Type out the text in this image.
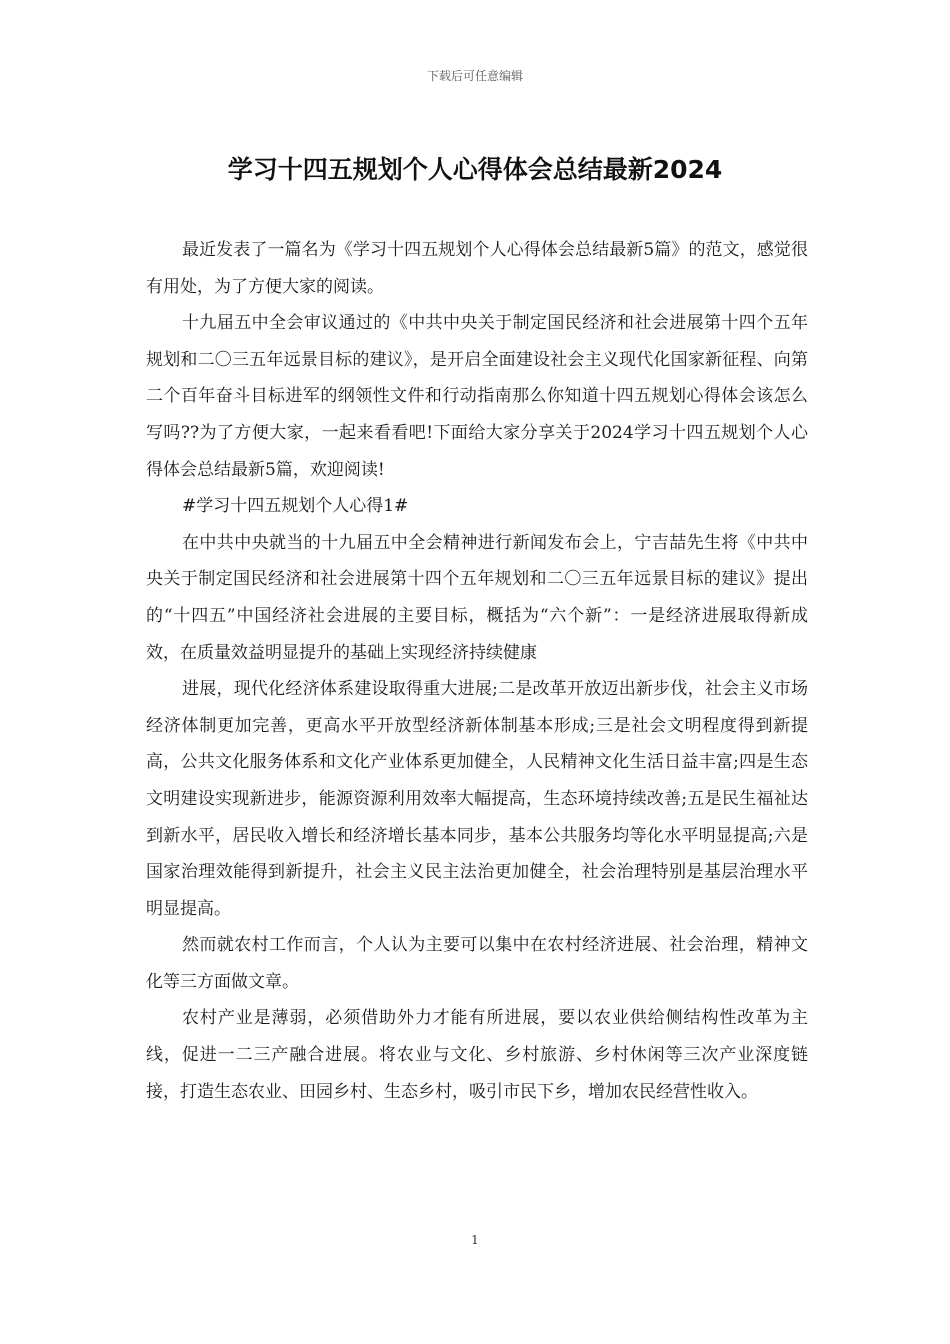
下载后可任意编辑
学习十四五规划个人心得体会总结最新2024

最近发表了一篇名为《学习十四五规划个人心得体会总结最新5篇》的范文，感觉很有用处，为了方便大家的阅读。

十九届五中全会审议通过的《中共中央关于制定国民经济和社会进展第十四个五年规划和二〇三五年远景目标的建议》，是开启全面建设社会主义现代化国家新征程、向第二个百年奋斗目标进军的纲领性文件和行动指南那么你知道十四五规划心得体会该怎么写吗??为了方便大家，一起来看看吧!下面给大家分享关于2024学习十四五规划个人心得体会总结最新5篇，欢迎阅读!

#学习十四五规划个人心得1#

在中共中央就当的十九届五中全会精神进行新闻发布会上，宁吉喆先生将《中共中央关于制定国民经济和社会进展第十四个五年规划和二〇三五年远景目标的建议》提出的“十四五”中国经济社会进展的主要目标，概括为“六个新”：一是经济进展取得新成效，在质量效益明显提升的基础上实现经济持续健康

进展，现代化经济体系建设取得重大进展;二是改革开放迈出新步伐，社会主义市场经济体制更加完善，更高水平开放型经济新体制基本形成;三是社会文明程度得到新提高，公共文化服务体系和文化产业体系更加健全，人民精神文化生活日益丰富;四是生态文明建设实现新进步，能源资源利用效率大幅提高，生态环境持续改善;五是民生福祉达到新水平，居民收入增长和经济增长基本同步，基本公共服务均等化水平明显提高;六是国家治理效能得到新提升，社会主义民主法治更加健全，社会治理特别是基层治理水平明显提高。

然而就农村工作而言，个人认为主要可以集中在农村经济进展、社会治理，精神文化等三方面做文章。

农村产业是薄弱，必须借助外力才能有所进展，要以农业供给侧结构性改革为主线，促进一二三产融合进展。将农业与文化、乡村旅游、乡村休闲等三次产业深度链接，打造生态农业、田园乡村、生态乡村，吸引市民下乡，增加农民经营性收入。

1
